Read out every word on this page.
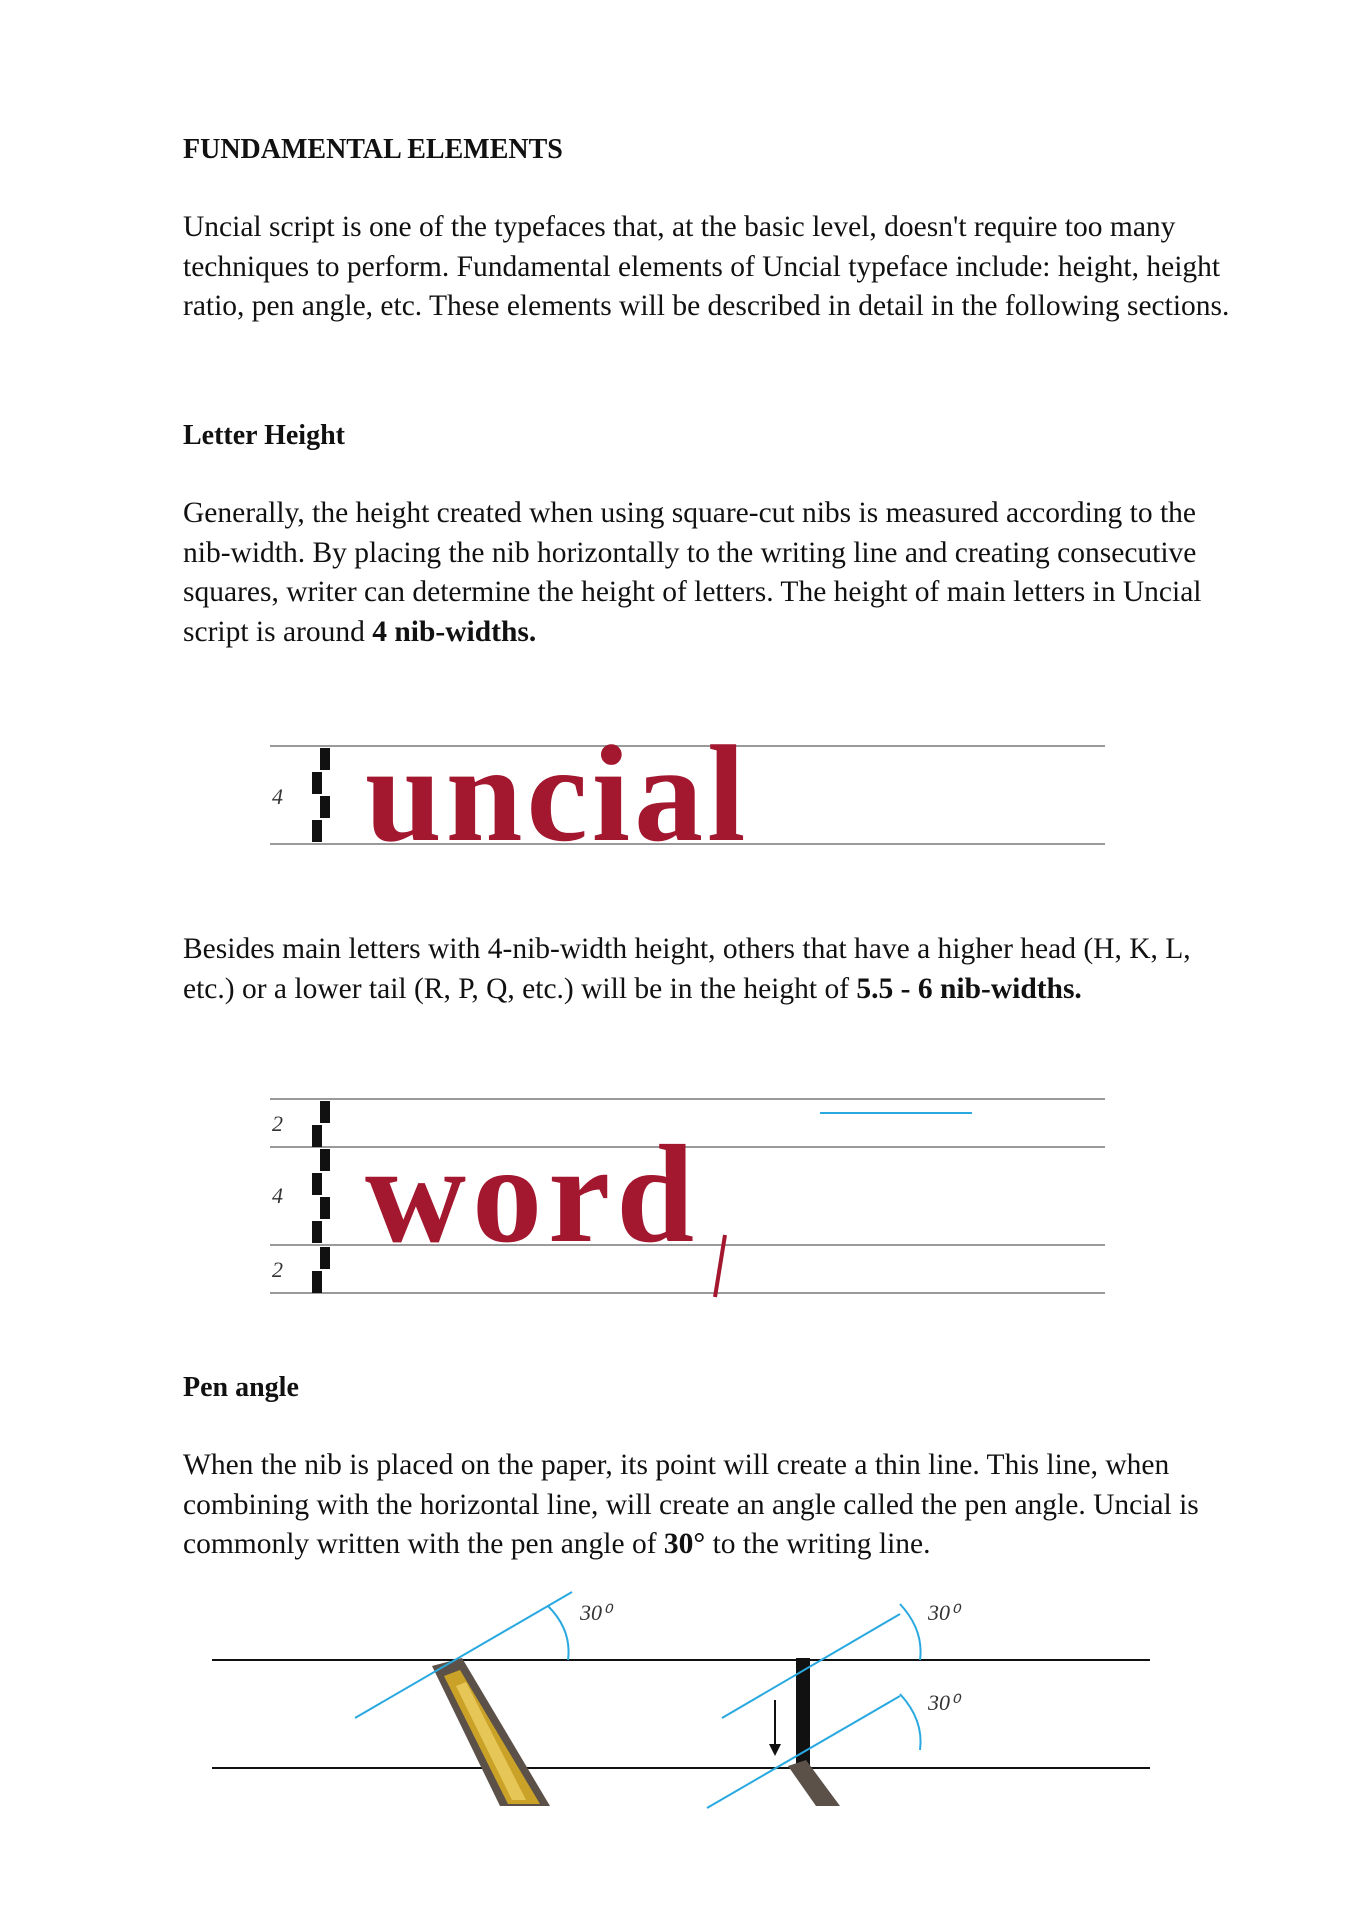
FUNDAMENTAL ELEMENTS

Uncial script is one of the typefaces that, at the basic level, doesn't require too many techniques to perform. Fundamental elements of Uncial typeface include: height, height ratio, pen angle, etc. These elements will be described in detail in the following sections.

Letter Height

Generally, the height created when using square-cut nibs is measured according to the nib-width. By placing the nib horizontally to the writing line and creating consecutive squares, writer can determine the height of letters. The height of main letters in Uncial script is around 4 nib-widths.

4 uncial

Besides main letters with 4-nib-width height, others that have a higher head (H, K, L, etc.) or a lower tail (R, P, Q, etc.) will be in the height of 5.5 - 6 nib-widths.

2
4
2 word
Pen angle

When the nib is placed on the paper, its point will create a thin line. This line, when combining with the horizontal line, will create an angle called the pen angle. Uncial is commonly written with the pen angle of 30° to the writing line.

30⁰	30⁰
30⁰
